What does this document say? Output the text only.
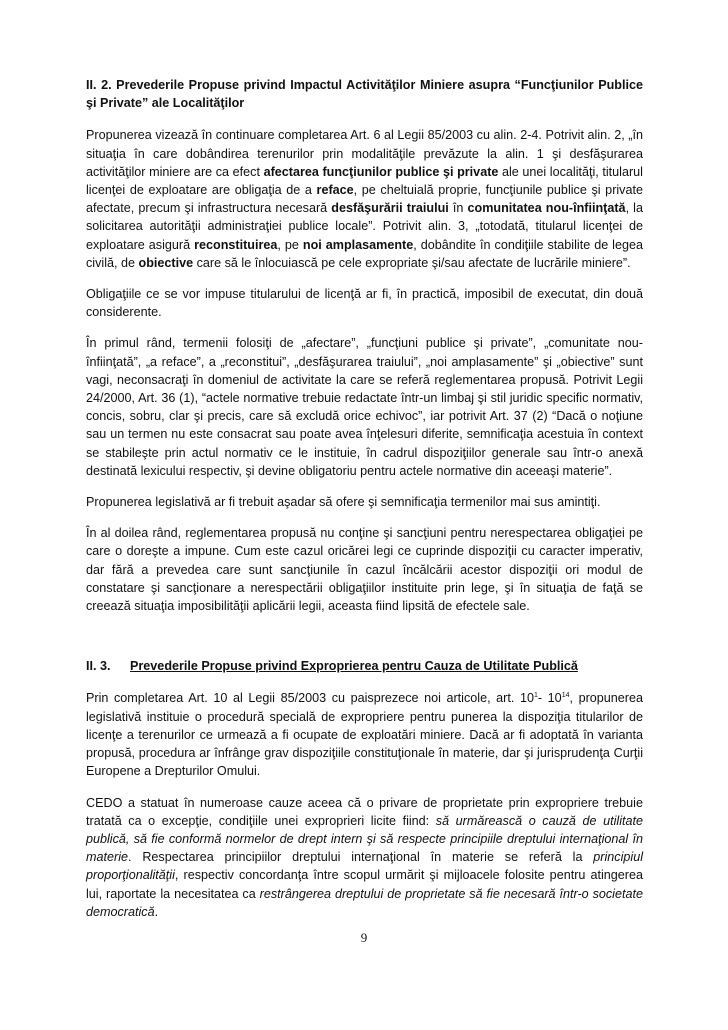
II. 2. Prevederile Propuse privind Impactul Activităţilor Miniere asupra “Funcţiunilor Publice şi Private” ale Localităţilor

Propunerea vizează în continuare completarea Art. 6 al Legii 85/2003 cu alin. 2-4. Potrivit alin. 2, „în situaţia în care dobândirea terenurilor prin modalităţile prevăzute la alin. 1 şi desfăşurarea activităţilor miniere are ca efect afectarea funcţiunilor publice şi private ale unei localităţi, titularul licenţei de exploatare are obligaţia de a reface, pe cheltuială proprie, funcţiunile publice şi private afectate, precum şi infrastructura necesară desfăşurării traiului în comunitatea nou-înfiinţată, la solicitarea autorităţii administraţiei publice locale”. Potrivit alin. 3, „totodată, titularul licenţei de exploatare asigură reconstituirea, pe noi amplasamente, dobândite în condiţiile stabilite de legea civilă, de obiective care să le înlocuiască pe cele expropriate şi/sau afectate de lucrările miniere”.

Obligaţiile ce se vor impuse titularului de licenţă ar fi, în practică, imposibil de executat, din două considerente.

În primul rând, termenii folosiţi de „afectare”, „funcţiuni publice şi private”, „comunitate nou-înfiinţată”, „a reface”, a „reconstitui”, „desfăşurarea traiului”, „noi amplasamente” şi „obiective” sunt vagi, neconsacraţi în domeniul de activitate la care se referă reglementarea propusă. Potrivit Legii 24/2000, Art. 36 (1), “actele normative trebuie redactate într-un limbaj şi stil juridic specific normativ, concis, sobru, clar şi precis, care să excludă orice echivoc”, iar potrivit Art. 37 (2) “Dacă o noţiune sau un termen nu este consacrat sau poate avea înţelesuri diferite, semnificaţia acestuia în context se stabileşte prin actul normativ ce le instituie, în cadrul dispoziţiilor generale sau într-o anexă destinată lexicului respectiv, şi devine obligatoriu pentru actele normative din aceeaşi materie”.

Propunerea legislativă ar fi trebuit aşadar să ofere şi semnificaţia termenilor mai sus amintiţi.

În al doilea rând, reglementarea propusă nu conţine şi sancţiuni pentru nerespectarea obligaţiei pe care o doreşte a impune. Cum este cazul oricărei legi ce cuprinde dispoziţii cu caracter imperativ, dar fără a prevedea care sunt sancţiunile în cazul încălcării acestor dispoziţii ori modul de constatare şi sancţionare a nerespectării obligaţiilor instituite prin lege, şi în situaţia de faţă se creează situaţia imposibilităţii aplicării legii, aceasta fiind lipsită de efectele sale.

II. 3. Prevederile Propuse privind Exproprierea pentru Cauza de Utilitate Publică

Prin completarea Art. 10 al Legii 85/2003 cu paisprezece noi articole, art. $10^1-$ $10^{14}$, propunerea legislativă instituie o procedură specială de expropriere pentru punerea la dispoziţia titularilor de licenţe a terenurilor ce urmează a fi ocupate de exploatări miniere. Dacă ar fi adoptată în varianta propusă, procedura ar înfrânge grav dispoziţiile constituţionale în materie, dar şi jurisprudenţa Curţii Europene a Drepturilor Omului.

CEDO a statuat în numeroase cauze aceea că o privare de proprietate prin expropriere trebuie tratată ca o excepţie, condiţiile unei exproprieri licite fiind: să urmărească o cauză de utilitate publică, să fie conformă normelor de drept intern şi să respecte principiile dreptului internaţional în materie. Respectarea principiilor dreptului internaţional în materie se referă la principiul proporţionalităţii, respectiv concordanţa între scopul urmărit şi mijloacele folosite pentru atingerea lui, raportate la necesitatea ca restrângerea dreptului de proprietate să fie necesară într-o societate democratică.

9
